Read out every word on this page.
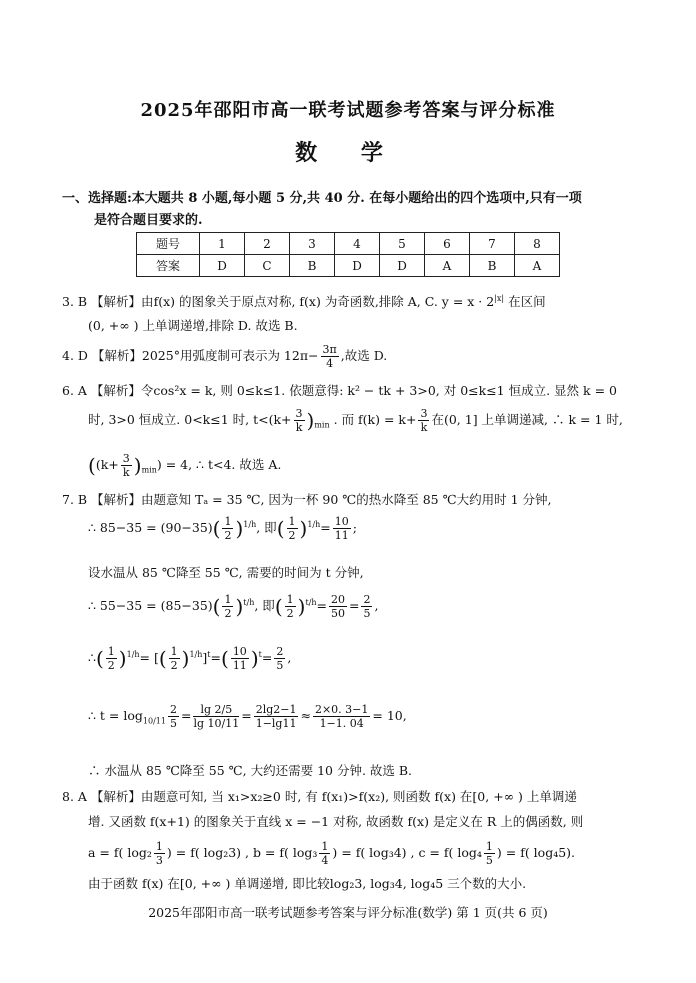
2025年邵阳市高一联考试题参考答案与评分标准
数 学
一、选择题:本大题共 8 小题,每小题 5 分,共 40 分. 在每小题给出的四个选项中,只有一项
是符合题目要求的.
题号	1	2	3	4	5	6	7	8
答案	D	C	B	D	D	A	B	A
3. B 【解析】由f(x) 的图象关于原点对称, f(x) 为奇函数,排除 A, C. $y = x \cdot 2^{|x|}$ 在区间
(0, +∞ ) 上单调递增,排除 D. 故选 B.
4. D 【解析】2025°用弧度制可表示为 $12\pi- \frac{3\pi}{4}$ ,故选 D.
6. A 【解析】令cos²x = k, 则 0≤k≤1. 依题意得: k² − tk + 3>0, 对 0≤k≤1 恒成立. 显然 k = 0
时, 3>0 恒成立. 0<k≤1 时, $t<(k+ \frac{3}{k} )_{min}$ . 而 $f(k) = k+ \frac{3}{k}$ 在(0, 1] 上单调递减, ∴ k = 1 时,
$((k+ \frac{3}{k} )_{min}) = 4$, ∴ t<4. 故选 A.
7. B 【解析】由题意知 Tₐ = 35 ℃, 因为一杯 90 ℃的热水降至 85 ℃大约用时 1 分钟,
∴ $85-35 = (90-35)( \frac{1}{2} )^{1/h}$, 即( $\frac{1}{2} )^{1/h}= \frac{10}{11}$ ;
设水温从 85 ℃降至 55 ℃, 需要的时间为 t 分钟,
∴ $55-35 = (85-35)( \frac{1}{2} )^{t/h}$, 即( $\frac{1}{2} )^{t/h}= \frac{20}{50} = \frac{2}{5}$ ,
∴( $\frac{1}{2} )^{1/h}=$ [( $\frac{1}{2} )^{1/h}]^t=( \frac{10}{11} )^t= \frac{2}{5}$ ,
∴ $t = \log_{10/11} \frac{2}{5} = \frac{\lg 2/5}{\lg 10/11} = \frac{2\lg 2-1}{1-\lg 11} \approx \frac{2\times 0. 3-1}{1-1. 04} = 10$,
∴ 水温从 85 ℃降至 55 ℃, 大约还需要 10 分钟. 故选 B.
8. A 【解析】由题意可知, 当 x₁>x₂≥0 时, 有 f(x₁)>f(x₂), 则函数 f(x) 在[0, +∞ ) 上单调递
增. 又函数 f(x+1) 的图象关于直线 x = −1 对称, 故函数 f(x) 是定义在 R 上的偶函数, 则
a = f( $\log_2 \frac{1}{3}$ ) = f( log₂3) , b = f( $\log_3 \frac{1}{4}$ ) = f( log₃4) , c = f( $\log_4 \frac{1}{5}$ ) = f( log₄5).
由于函数 f(x) 在[0, +∞ ) 单调递增, 即比较log₂3, log₃4, log₄5 三个数的大小.
2025年邵阳市高一联考试题参考答案与评分标准(数学) 第 1 页(共 6 页)
